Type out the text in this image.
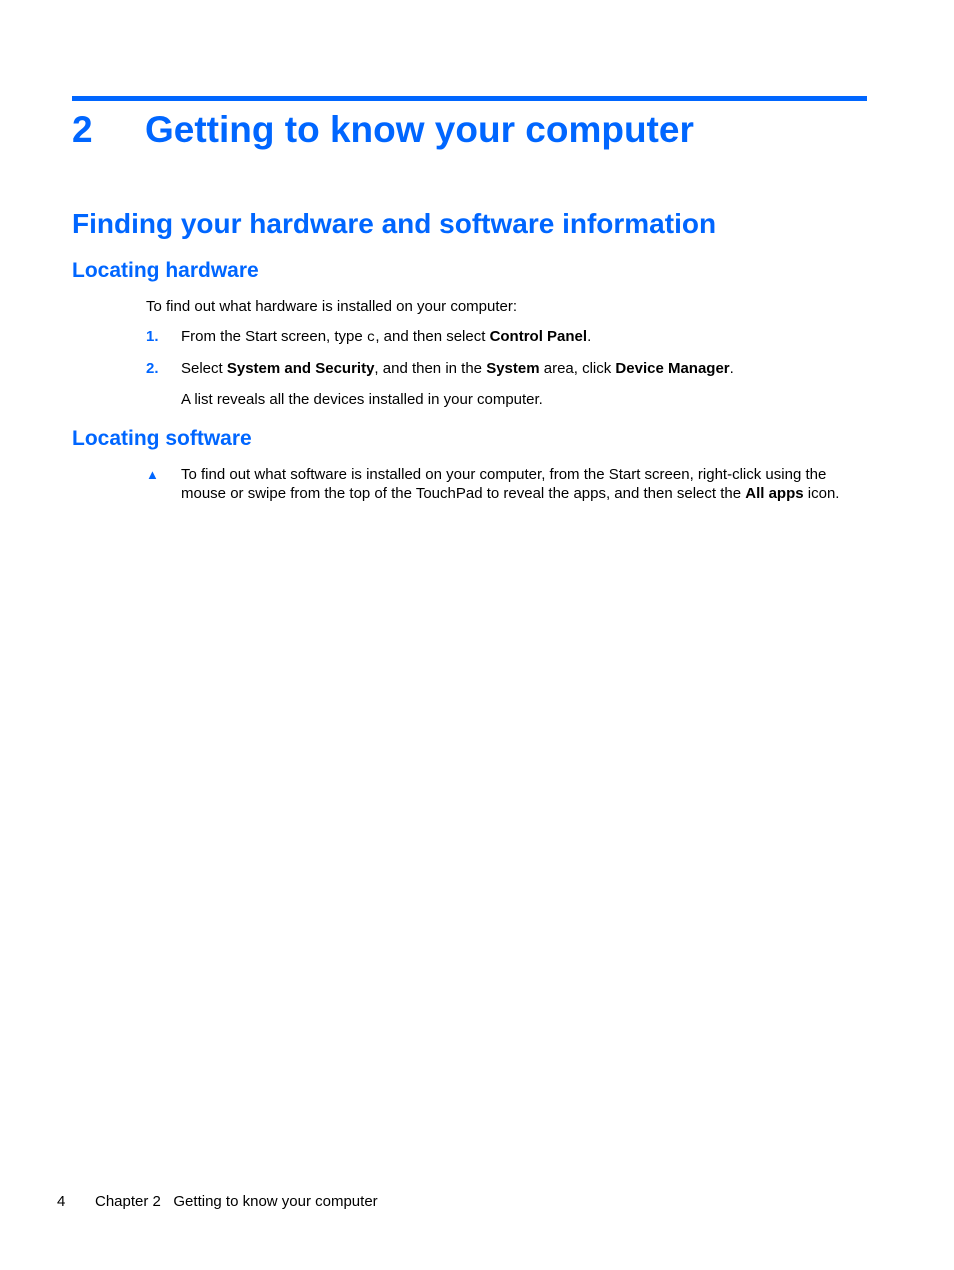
2 Getting to know your computer
Finding your hardware and software information
Locating hardware

To find out what hardware is installed on your computer:

1. From the Start screen, type c, and then select Control Panel.

2. Select System and Security, and then in the System area, click Device Manager.

A list reveals all the devices installed in your computer.

Locating software
▲ To find out what software is installed on your computer, from the Start screen, right-click using the mouse or swipe from the top of the TouchPad to reveal the apps, and then select the All apps icon.

4 Chapter 2 Getting to know your computer
